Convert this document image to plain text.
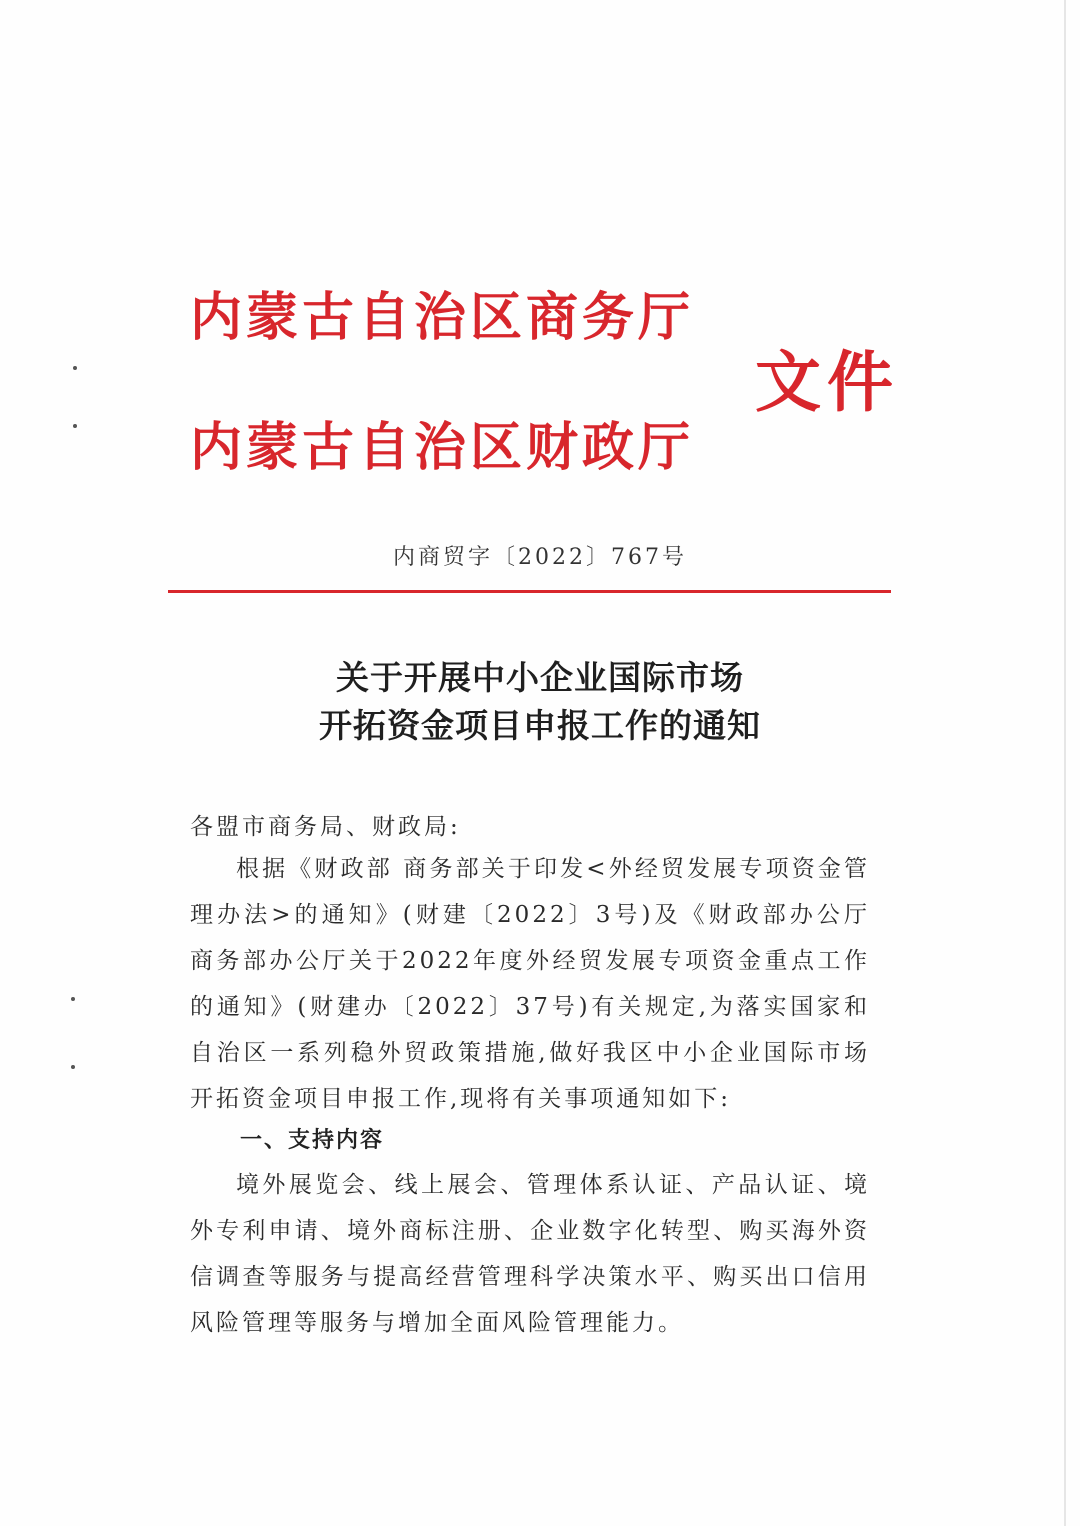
内蒙古自治区商务厅
内蒙古自治区财政厅
文件
内商贸字〔2022〕767号
关于开展中小企业国际市场
开拓资金项目申报工作的通知
各盟市商务局、财政局:
根据《财政部 商务部关于印发<外经贸发展专项资金管理办法>的通知》(财建〔2022〕3号)及《财政部办公厅 商务部办公厅关于2022年度外经贸发展专项资金重点工作的通知》(财建办〔2022〕37号)有关规定,为落实国家和自治区一系列稳外贸政策措施,做好我区中小企业国际市场开拓资金项目申报工作,现将有关事项通知如下:
一、支持内容
境外展览会、线上展会、管理体系认证、产品认证、境外专利申请、境外商标注册、企业数字化转型、购买海外资信调查等服务与提高经营管理科学决策水平、购买出口信用风险管理等服务与增加全面风险管理能力。
